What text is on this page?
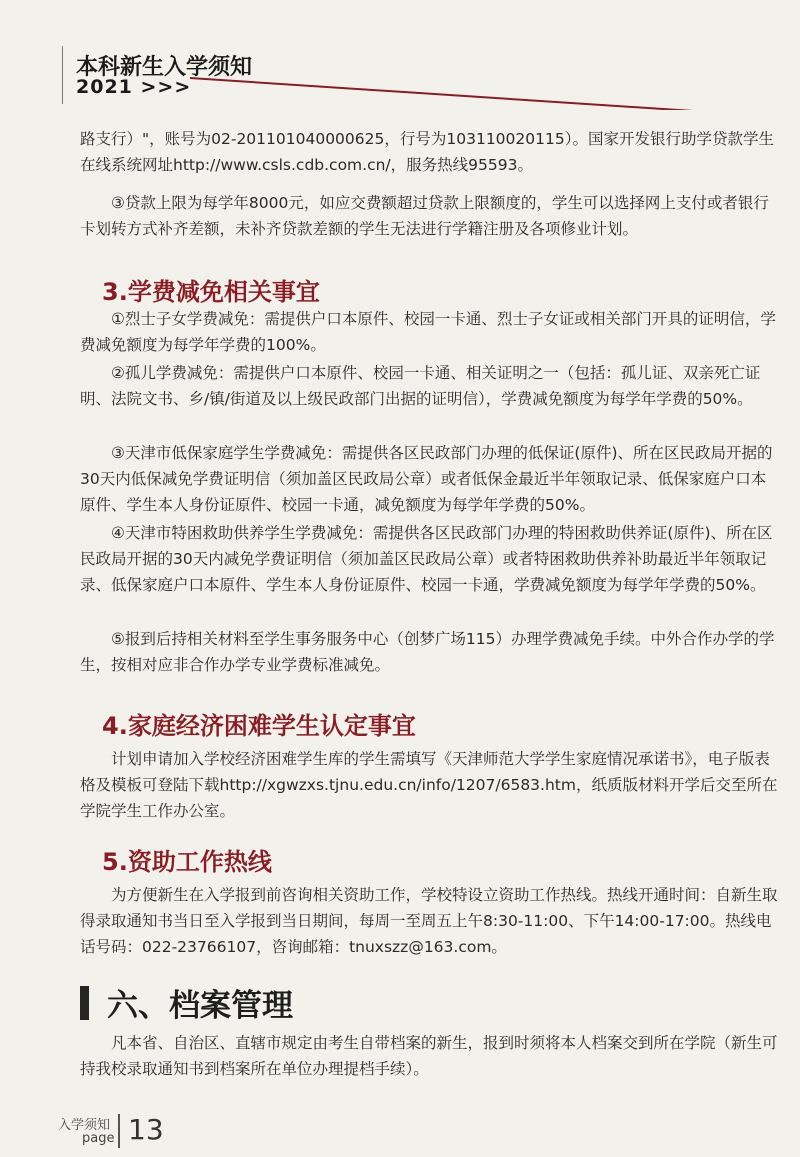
本科新生入学须知
2021 >>>
路支行）"，账号为02-201101040000625，行号为103110020115）。国家开发银行助学贷款学生在线系统网址http://www.csls.cdb.com.cn/，服务热线95593。
③贷款上限为每学年8000元，如应交费额超过贷款上限额度的，学生可以选择网上支付或者银行卡划转方式补齐差额，未补齐贷款差额的学生无法进行学籍注册及各项修业计划。
3.学费减免相关事宜
①烈士子女学费减免：需提供户口本原件、校园一卡通、烈士子女证或相关部门开具的证明信，学费减免额度为每学年学费的100%。
②孤儿学费减免：需提供户口本原件、校园一卡通、相关证明之一（包括：孤儿证、双亲死亡证明、法院文书、乡/镇/街道及以上级民政部门出据的证明信），学费减免额度为每学年学费的50%。
③天津市低保家庭学生学费减免：需提供各区民政部门办理的低保证(原件)、所在区民政局开据的30天内低保减免学费证明信（须加盖区民政局公章）或者低保金最近半年领取记录、低保家庭户口本原件、学生本人身份证原件、校园一卡通，减免额度为每学年学费的50%。
④天津市特困救助供养学生学费减免：需提供各区民政部门办理的特困救助供养证(原件)、所在区民政局开据的30天内减免学费证明信（须加盖区民政局公章）或者特困救助供养补助最近半年领取记录、低保家庭户口本原件、学生本人身份证原件、校园一卡通，学费减免额度为每学年学费的50%。
⑤报到后持相关材料至学生事务服务中心（创梦广场115）办理学费减免手续。中外合作办学的学生，按相对应非合作办学专业学费标准减免。
4.家庭经济困难学生认定事宜
计划申请加入学校经济困难学生库的学生需填写《天津师范大学学生家庭情况承诺书》，电子版表格及模板可登陆下载http://xgwzxs.tjnu.edu.cn/info/1207/6583.htm，纸质版材料开学后交至所在学院学生工作办公室。
5.资助工作热线
为方便新生在入学报到前咨询相关资助工作，学校特设立资助工作热线。热线开通时间：自新生取得录取通知书当日至入学报到当日期间，每周一至周五上午8:30-11:00、下午14:00-17:00。热线电话号码：022-23766107，咨询邮箱：tnuxszz@163.com。
六、档案管理
凡本省、自治区、直辖市规定由考生自带档案的新生，报到时须将本人档案交到所在学院（新生可持我校录取通知书到档案所在单位办理提档手续）。
入学须知
page 13
